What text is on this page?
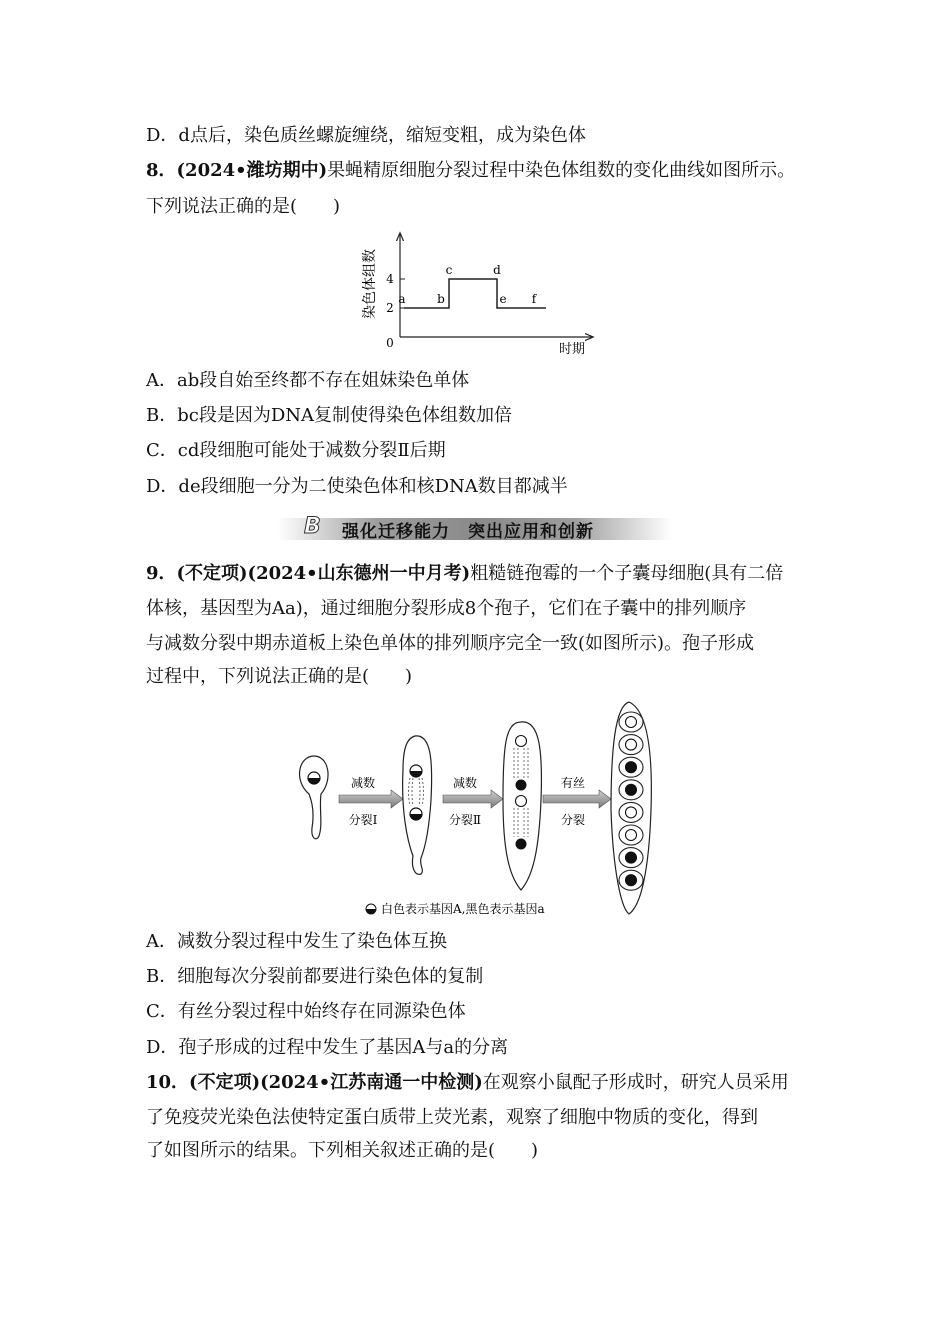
D．d点后，染色质丝螺旋缠绕，缩短变粗，成为染色体
8．(2024•潍坊期中)果蝇精原细胞分裂过程中染色体组数的变化曲线如图所示。
下列说法正确的是(　　)
染色体组数
时期
0
2
4
a	b
c	d
e f
A．ab段自始至终都不存在姐妹染色单体
B．bc段是因为DNA复制使得染色体组数加倍
C．cd段细胞可能处于减数分裂Ⅱ后期
D．de段细胞一分为二使染色体和核DNA数目都减半
B 强化迁移能力　突出应用和创新
9．(不定项)(2024•山东德州一中月考)粗糙链孢霉的一个子囊母细胞(具有二倍
体核，基因型为Aa)，通过细胞分裂形成8个孢子，它们在子囊中的排列顺序
与减数分裂中期赤道板上染色单体的排列顺序完全一致(如图所示)。孢子形成
过程中，下列说法正确的是(　　)
减数
分裂Ⅰ
减数
分裂Ⅱ
有丝
分裂
白色表示基因A,黑色表示基因a
A．减数分裂过程中发生了染色体互换
B．细胞每次分裂前都要进行染色体的复制
C．有丝分裂过程中始终存在同源染色体
D．孢子形成的过程中发生了基因A与a的分离
10．(不定项)(2024•江苏南通一中检测)在观察小鼠配子形成时，研究人员采用
了免疫荧光染色法使特定蛋白质带上荧光素，观察了细胞中物质的变化，得到
了如图所示的结果。下列相关叙述正确的是(　　)
